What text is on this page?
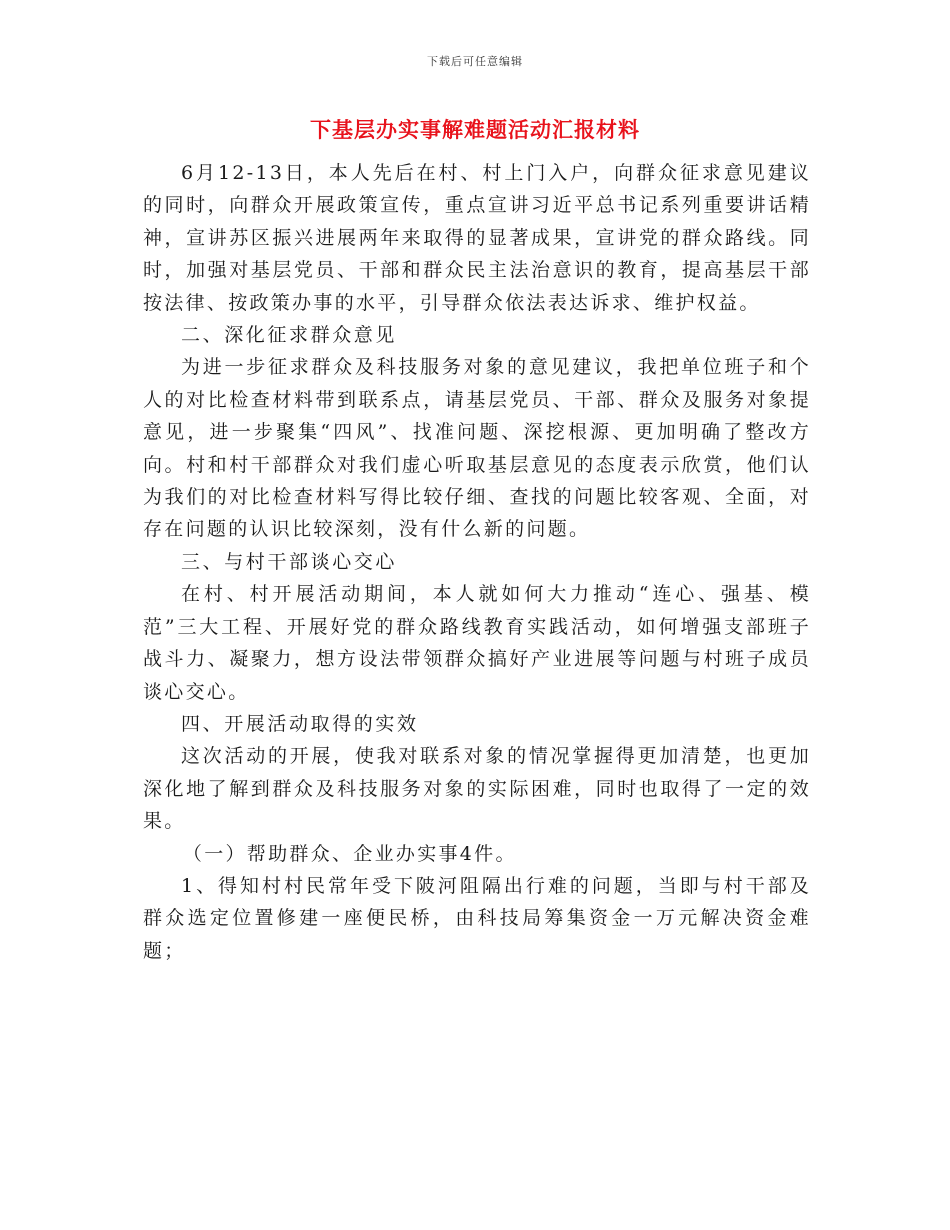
下载后可任意编辑
下基层办实事解难题活动汇报材料

6月12-13日，本人先后在村、村上门入户，向群众征求意见建议的同时，向群众开展政策宣传，重点宣讲习近平总书记系列重要讲话精神，宣讲苏区振兴进展两年来取得的显著成果，宣讲党的群众路线。同时，加强对基层党员、干部和群众民主法治意识的教育，提高基层干部按法律、按政策办事的水平，引导群众依法表达诉求、维护权益。

二、深化征求群众意见

为进一步征求群众及科技服务对象的意见建议，我把单位班子和个人的对比检查材料带到联系点，请基层党员、干部、群众及服务对象提意见，进一步聚集“四风”、找准问题、深挖根源、更加明确了整改方向。村和村干部群众对我们虚心听取基层意见的态度表示欣赏，他们认为我们的对比检查材料写得比较仔细、查找的问题比较客观、全面，对存在问题的认识比较深刻，没有什么新的问题。

三、与村干部谈心交心

在村、村开展活动期间，本人就如何大力推动“连心、强基、模范”三大工程、开展好党的群众路线教育实践活动，如何增强支部班子战斗力、凝聚力，想方设法带领群众搞好产业进展等问题与村班子成员谈心交心。

四、开展活动取得的实效

这次活动的开展，使我对联系对象的情况掌握得更加清楚，也更加深化地了解到群众及科技服务对象的实际困难，同时也取得了一定的效果。

（一）帮助群众、企业办实事4件。

1、得知村村民常年受下陂河阻隔出行难的问题，当即与村干部及群众选定位置修建一座便民桥，由科技局筹集资金一万元解决资金难题；
